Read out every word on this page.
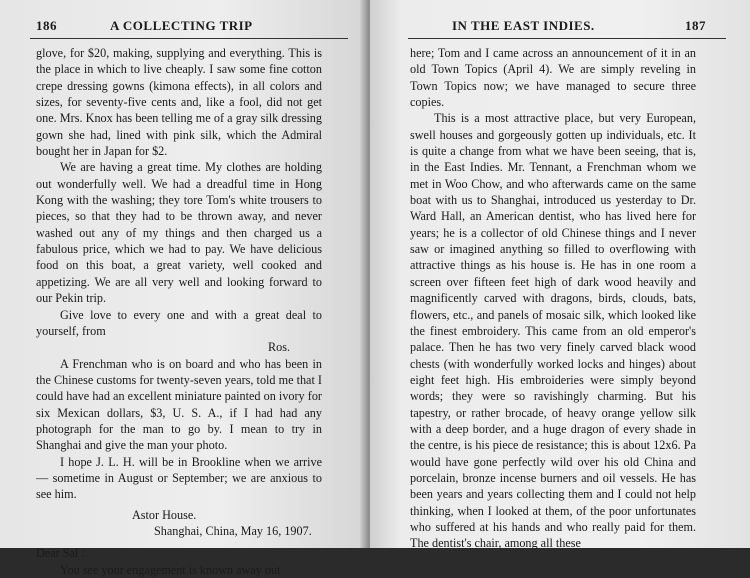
186	A COLLECTING TRIP

glove, for $20, making, supplying and everything. This is the place in which to live cheaply. I saw some fine cotton crepe dressing gowns (kimona effects), in all colors and sizes, for seventy-five cents and, like a fool, did not get one. Mrs. Knox has been telling me of a gray silk dressing gown she had, lined with pink silk, which the Admiral bought her in Japan for $2.

We are having a great time. My clothes are holding out wonderfully well. We had a dreadful time in Hong Kong with the washing; they tore Tom's white trousers to pieces, so that they had to be thrown away, and never washed out any of my things and then charged us a fabulous price, which we had to pay. We have delicious food on this boat, a great variety, well cooked and appetizing. We are all very well and looking forward to our Pekin trip.

Give love to every one and with a great deal to yourself, from

Ros.

A Frenchman who is on board and who has been in the Chinese customs for twenty-seven years, told me that I could have had an excellent miniature painted on ivory for six Mexican dollars, $3, U. S. A., if I had had any photograph for the man to go by. I mean to try in Shanghai and give the man your photo.

I hope J. L. H. will be in Brookline when we arrive — sometime in August or September; we are anxious to see him.

Astor House.

Shanghai, China, May 16, 1907.

Dear Sal :

You see your engagement is known away out

IN THE EAST INDIES.	187

here; Tom and I came across an announcement of it in an old Town Topics (April 4). We are simply reveling in Town Topics now; we have managed to secure three copies.

This is a most attractive place, but very European, swell houses and gorgeously gotten up individuals, etc. It is quite a change from what we have been seeing, that is, in the East Indies. Mr. Tennant, a Frenchman whom we met in Woo Chow, and who afterwards came on the same boat with us to Shanghai, introduced us yesterday to Dr. Ward Hall, an American dentist, who has lived here for years; he is a collector of old Chinese things and I never saw or imagined anything so filled to overflowing with attractive things as his house is. He has in one room a screen over fifteen feet high of dark wood heavily and magnificently carved with dragons, birds, clouds, bats, flowers, etc., and panels of mosaic silk, which looked like the finest embroidery. This came from an old emperor's palace. Then he has two very finely carved black wood chests (with wonderfully worked locks and hinges) about eight feet high. His embroideries were simply beyond words; they were so ravishingly charming. But his tapestry, or rather brocade, of heavy orange yellow silk with a deep border, and a huge dragon of every shade in the centre, is his piece de resistance; this is about 12x6. Pa would have gone perfectly wild over his old China and porcelain, bronze incense burners and oil vessels. He has been years and years collecting them and I could not help thinking, when I looked at them, of the poor unfortunates who suffered at his hands and who really paid for them. The dentist's chair, among all these
